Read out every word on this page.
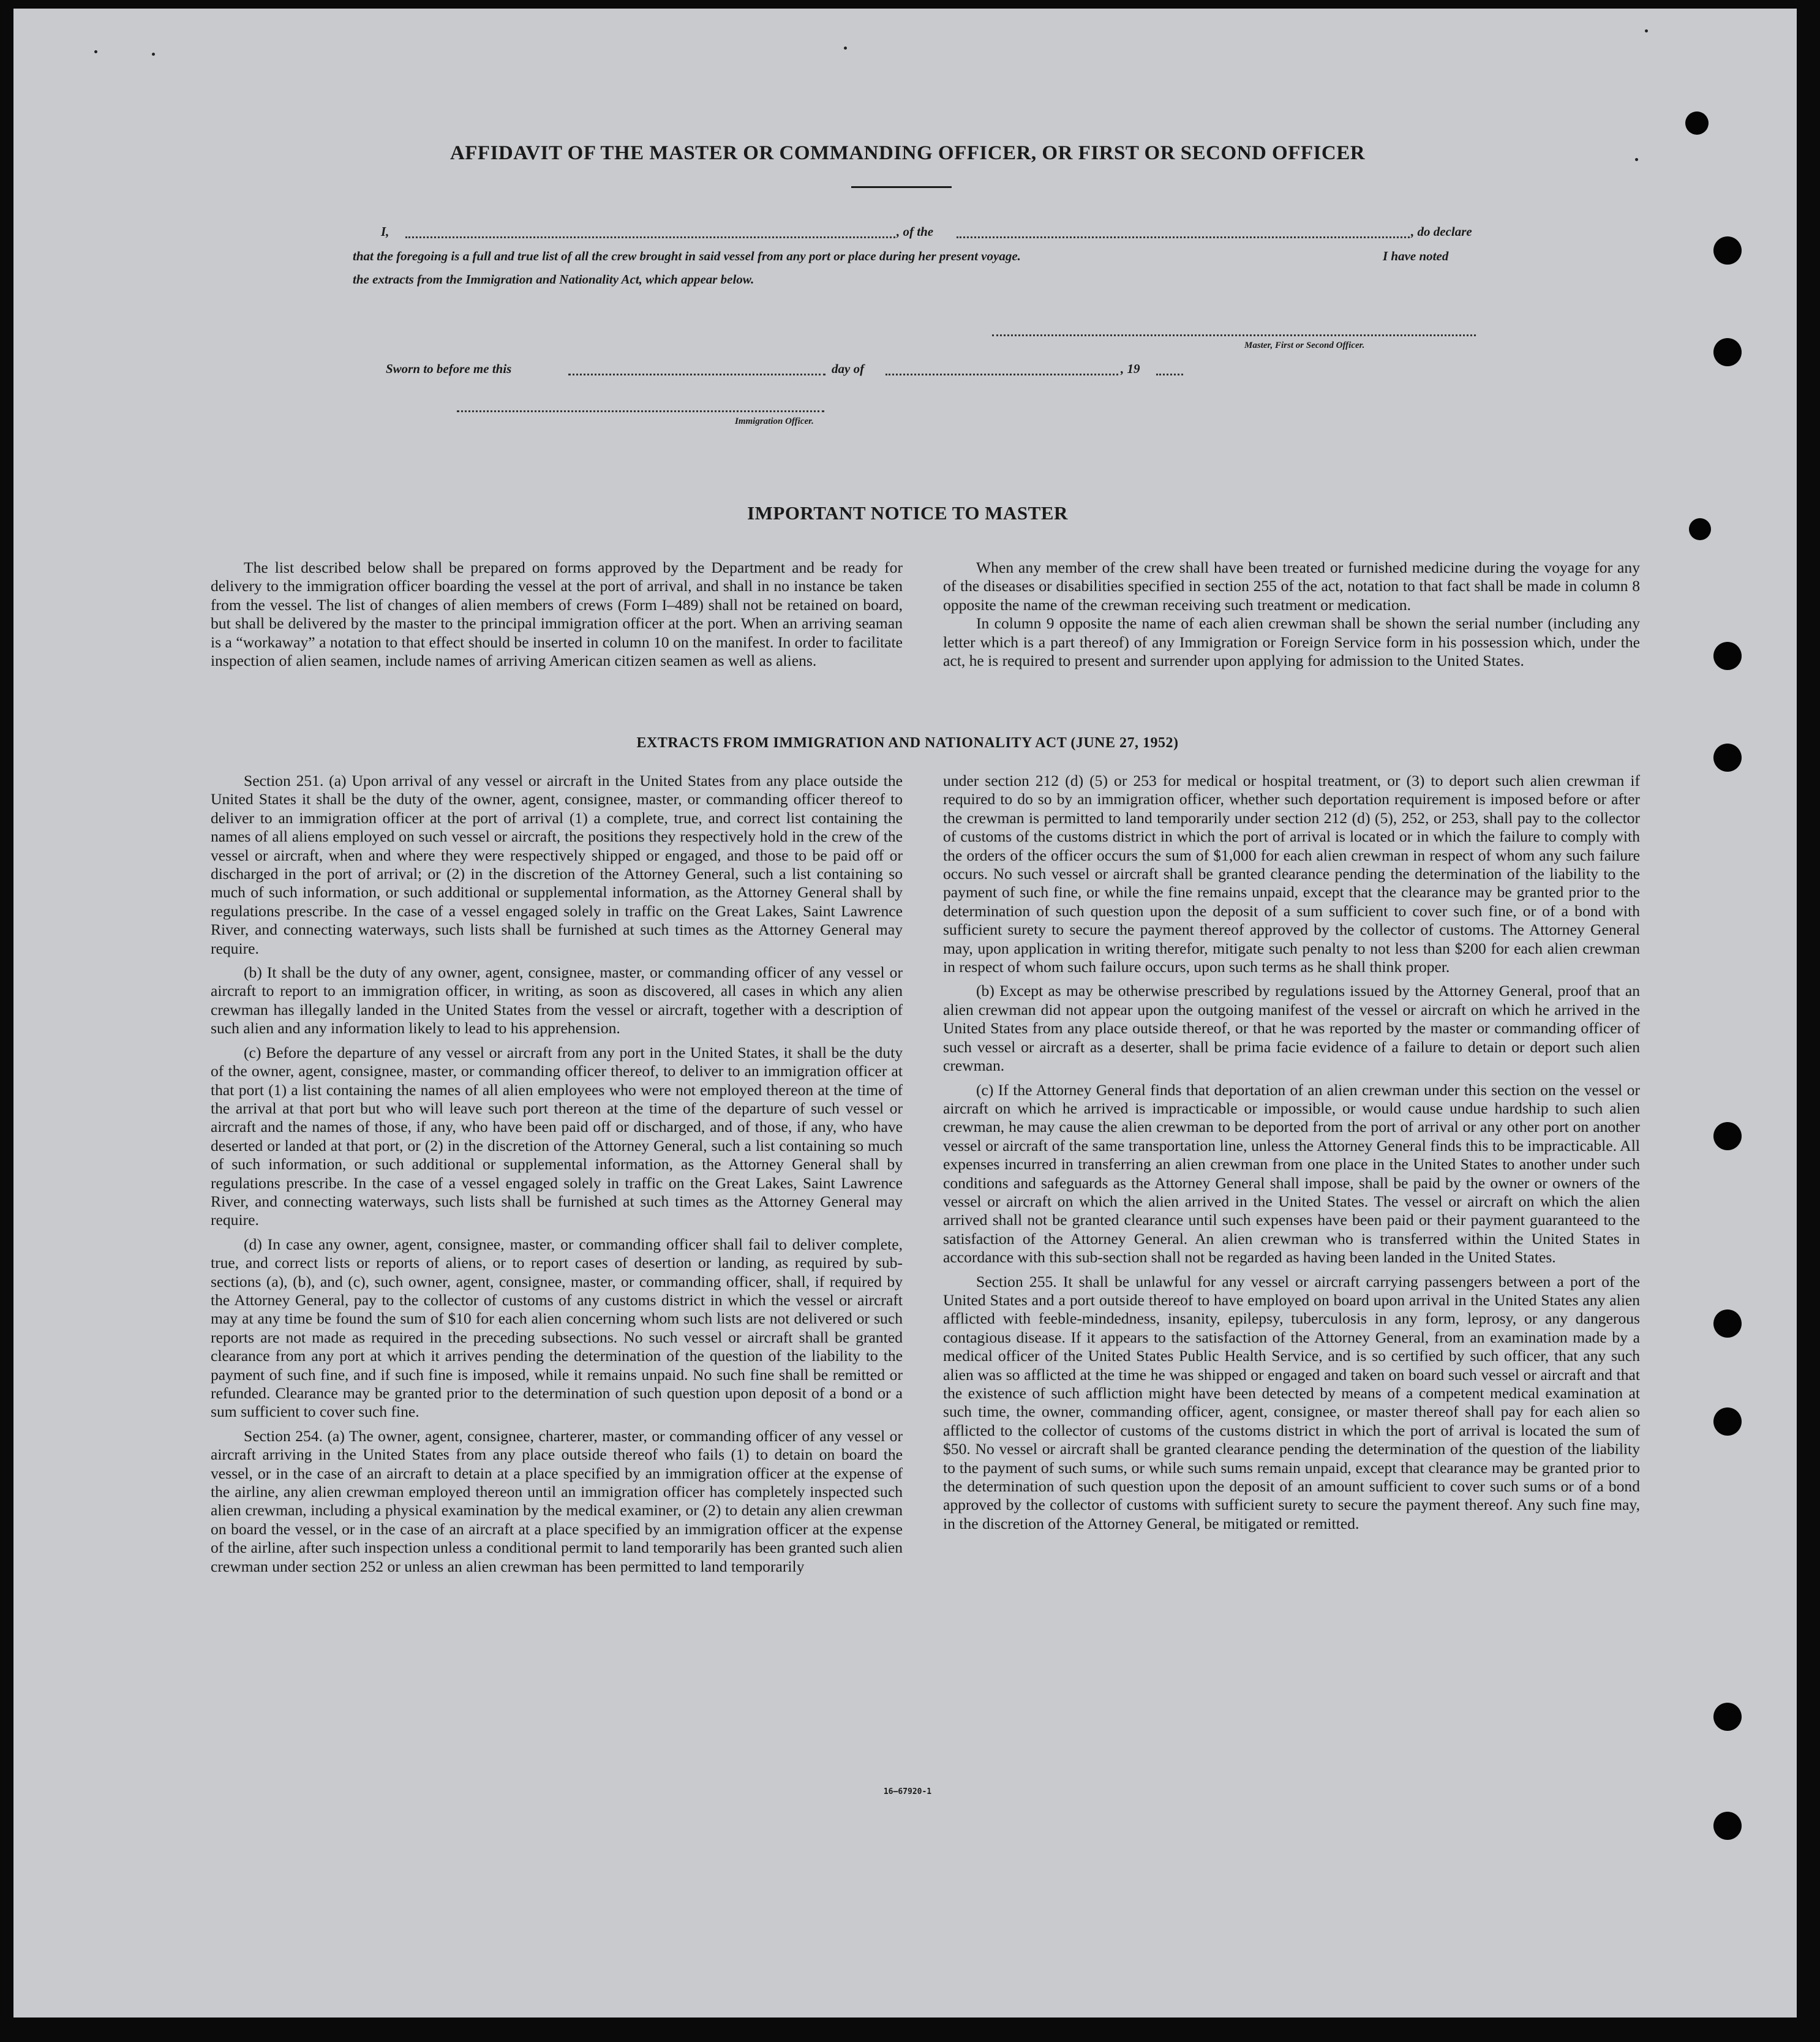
AFFIDAVIT OF THE MASTER OR COMMANDING OFFICER, OR FIRST OR SECOND OFFICER
I,	, of the	, do declare
that the foregoing is a full and true list of all the crew brought in said vessel from any port or place during her present voyage.	I have noted
the extracts from the Immigration and Nationality Act, which appear below.
Master, First or Second Officer.
Sworn to before me this	day of	, 19
Immigration Officer.
IMPORTANT NOTICE TO MASTER

The list described below shall be prepared on forms approved by the Department and be ready for delivery to the immigration officer boarding the vessel at the port of arrival, and shall in no instance be taken from the vessel. The list of changes of alien members of crews (Form I–489) shall not be retained on board, but shall be delivered by the master to the principal immigration officer at the port. When an arriving seaman is a “workaway” a notation to that effect should be inserted in column 10 on the manifest. In order to facilitate inspection of alien seamen, include names of arriving American citizen seamen as well as aliens.

When any member of the crew shall have been treated or furnished medicine during the voyage for any of the diseases or disabilities specified in section 255 of the act, notation to that fact shall be made in column 8 opposite the name of the crewman receiving such treatment or medication.

In column 9 opposite the name of each alien crewman shall be shown the serial number (including any letter which is a part thereof) of any Immigration or Foreign Service form in his possession which, under the act, he is required to present and surrender upon applying for admission to the United States.

EXTRACTS FROM IMMIGRATION AND NATIONALITY ACT (JUNE 27, 1952)

Section 251. (a) Upon arrival of any vessel or aircraft in the United States from any place outside the United States it shall be the duty of the owner, agent, consignee, master, or commanding officer thereof to deliver to an immigration officer at the port of arrival (1) a complete, true, and correct list containing the names of all aliens employed on such vessel or aircraft, the positions they respectively hold in the crew of the vessel or aircraft, when and where they were respectively shipped or engaged, and those to be paid off or discharged in the port of arrival; or (2) in the discretion of the Attorney General, such a list containing so much of such information, or such additional or supplemental information, as the Attorney General shall by regulations prescribe. In the case of a vessel engaged solely in traffic on the Great Lakes, Saint Lawrence River, and connecting waterways, such lists shall be furnished at such times as the Attorney General may require.

(b) It shall be the duty of any owner, agent, consignee, master, or commanding officer of any vessel or aircraft to report to an immigration officer, in writing, as soon as discovered, all cases in which any alien crewman has illegally landed in the United States from the vessel or aircraft, together with a description of such alien and any information likely to lead to his apprehension.

(c) Before the departure of any vessel or aircraft from any port in the United States, it shall be the duty of the owner, agent, consignee, master, or commanding officer thereof, to deliver to an immigration officer at that port (1) a list containing the names of all alien employees who were not employed thereon at the time of the arrival at that port but who will leave such port thereon at the time of the departure of such vessel or aircraft and the names of those, if any, who have been paid off or discharged, and of those, if any, who have deserted or landed at that port, or (2) in the discretion of the Attorney General, such a list containing so much of such information, or such additional or supplemental information, as the Attorney General shall by regulations prescribe. In the case of a vessel engaged solely in traffic on the Great Lakes, Saint Lawrence River, and connecting waterways, such lists shall be furnished at such times as the Attorney General may require.

(d) In case any owner, agent, consignee, master, or commanding officer shall fail to deliver complete, true, and correct lists or reports of aliens, or to report cases of desertion or landing, as required by sub-sections (a), (b), and (c), such owner, agent, consignee, master, or commanding officer, shall, if required by the Attorney General, pay to the collector of customs of any customs district in which the vessel or aircraft may at any time be found the sum of $10 for each alien concerning whom such lists are not delivered or such reports are not made as required in the preceding subsections. No such vessel or aircraft shall be granted clearance from any port at which it arrives pending the determination of the question of the liability to the payment of such fine, and if such fine is imposed, while it remains unpaid. No such fine shall be remitted or refunded. Clearance may be granted prior to the determination of such question upon deposit of a bond or a sum sufficient to cover such fine.

Section 254. (a) The owner, agent, consignee, charterer, master, or commanding officer of any vessel or aircraft arriving in the United States from any place outside thereof who fails (1) to detain on board the vessel, or in the case of an aircraft to detain at a place specified by an immigration officer at the expense of the airline, any alien crewman employed thereon until an immigration officer has completely inspected such alien crewman, including a physical examination by the medical examiner, or (2) to detain any alien crewman on board the vessel, or in the case of an aircraft at a place specified by an immigration officer at the expense of the airline, after such inspection unless a conditional permit to land temporarily has been granted such alien crewman under section 252 or unless an alien crewman has been permitted to land temporarily

under section 212 (d) (5) or 253 for medical or hospital treatment, or (3) to deport such alien crewman if required to do so by an immigration officer, whether such deportation requirement is imposed before or after the crewman is permitted to land temporarily under section 212 (d) (5), 252, or 253, shall pay to the collector of customs of the customs district in which the port of arrival is located or in which the failure to comply with the orders of the officer occurs the sum of $1,000 for each alien crewman in respect of whom any such failure occurs. No such vessel or aircraft shall be granted clearance pending the determination of the liability to the payment of such fine, or while the fine remains unpaid, except that the clearance may be granted prior to the determination of such question upon the deposit of a sum sufficient to cover such fine, or of a bond with sufficient surety to secure the payment thereof approved by the collector of customs. The Attorney General may, upon application in writing therefor, mitigate such penalty to not less than $200 for each alien crewman in respect of whom such failure occurs, upon such terms as he shall think proper.

(b) Except as may be otherwise prescribed by regulations issued by the Attorney General, proof that an alien crewman did not appear upon the outgoing manifest of the vessel or aircraft on which he arrived in the United States from any place outside thereof, or that he was reported by the master or commanding officer of such vessel or aircraft as a deserter, shall be prima facie evidence of a failure to detain or deport such alien crewman.

(c) If the Attorney General finds that deportation of an alien crewman under this section on the vessel or aircraft on which he arrived is impracticable or impossible, or would cause undue hardship to such alien crewman, he may cause the alien crewman to be deported from the port of arrival or any other port on another vessel or aircraft of the same transportation line, unless the Attorney General finds this to be impracticable. All expenses incurred in transferring an alien crewman from one place in the United States to another under such conditions and safeguards as the Attorney General shall impose, shall be paid by the owner or owners of the vessel or aircraft on which the alien arrived in the United States. The vessel or aircraft on which the alien arrived shall not be granted clearance until such expenses have been paid or their payment guaranteed to the satisfaction of the Attorney General. An alien crewman who is transferred within the United States in accordance with this sub-section shall not be regarded as having been landed in the United States.

Section 255. It shall be unlawful for any vessel or aircraft carrying passengers between a port of the United States and a port outside thereof to have employed on board upon arrival in the United States any alien afflicted with feeble-mindedness, insanity, epilepsy, tuberculosis in any form, leprosy, or any dangerous contagious disease. If it appears to the satisfaction of the Attorney General, from an examination made by a medical officer of the United States Public Health Service, and is so certified by such officer, that any such alien was so afflicted at the time he was shipped or engaged and taken on board such vessel or aircraft and that the existence of such affliction might have been detected by means of a competent medical examination at such time, the owner, commanding officer, agent, consignee, or master thereof shall pay for each alien so afflicted to the collector of customs of the customs district in which the port of arrival is located the sum of $50. No vessel or aircraft shall be granted clearance pending the determination of the question of the liability to the payment of such sums, or while such sums remain unpaid, except that clearance may be granted prior to the determination of such question upon the deposit of an amount sufficient to cover such sums or of a bond approved by the collector of customs with sufficient surety to secure the payment thereof. Any such fine may, in the discretion of the Attorney General, be mitigated or remitted.

16—67920-1
